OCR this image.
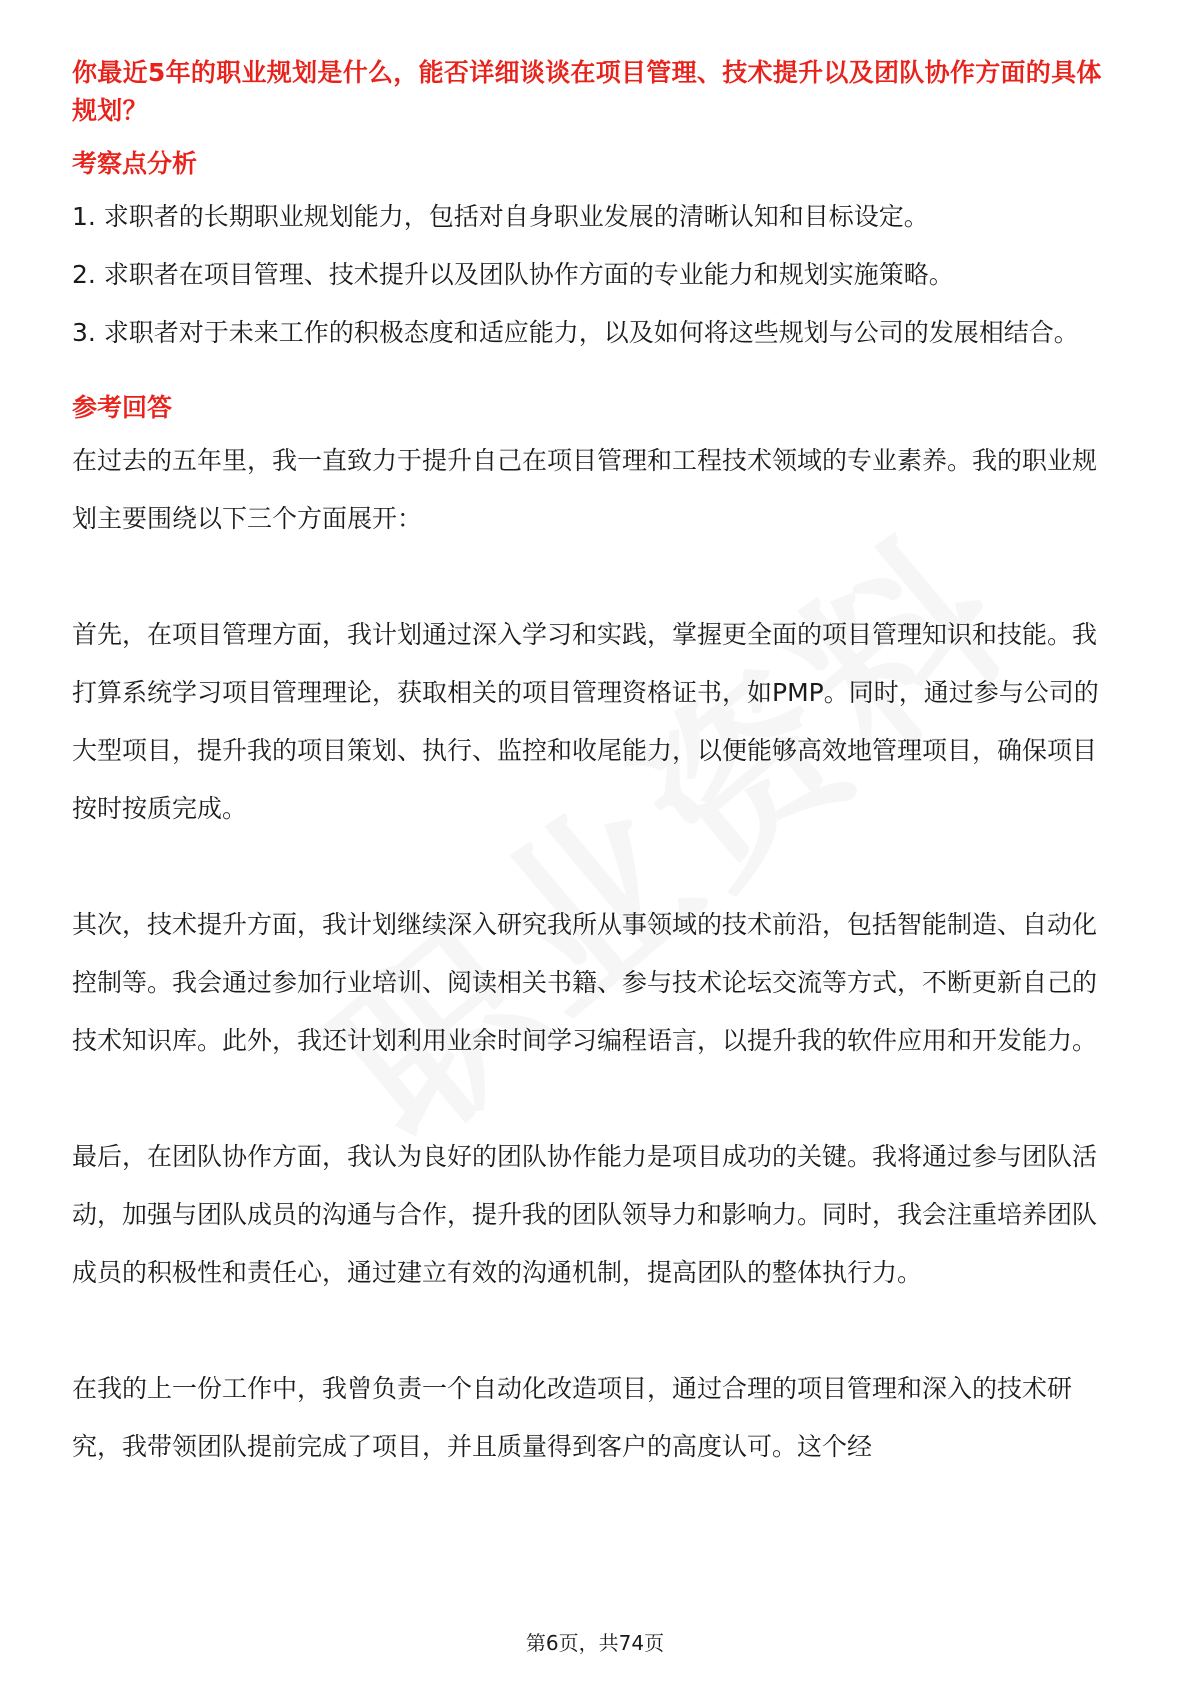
你最近5年的职业规划是什么，能否详细谈谈在项目管理、技术提升以及团队协作方面的具体规划？

考察点分析

1. 求职者的长期职业规划能力，包括对自身职业发展的清晰认知和目标设定。

2. 求职者在项目管理、技术提升以及团队协作方面的专业能力和规划实施策略。

3. 求职者对于未来工作的积极态度和适应能力，以及如何将这些规划与公司的发展相结合。

参考回答

在过去的五年里，我一直致力于提升自己在项目管理和工程技术领域的专业素养。我的职业规划主要围绕以下三个方面展开：

首先，在项目管理方面，我计划通过深入学习和实践，掌握更全面的项目管理知识和技能。我打算系统学习项目管理理论，获取相关的项目管理资格证书，如PMP。同时，通过参与公司的大型项目，提升我的项目策划、执行、监控和收尾能力，以便能够高效地管理项目，确保项目按时按质完成。

其次，技术提升方面，我计划继续深入研究我所从事领域的技术前沿，包括智能制造、自动化控制等。我会通过参加行业培训、阅读相关书籍、参与技术论坛交流等方式，不断更新自己的技术知识库。此外，我还计划利用业余时间学习编程语言，以提升我的软件应用和开发能力。

最后，在团队协作方面，我认为良好的团队协作能力是项目成功的关键。我将通过参与团队活动，加强与团队成员的沟通与合作，提升我的团队领导力和影响力。同时，我会注重培养团队成员的积极性和责任心，通过建立有效的沟通机制，提高团队的整体执行力。

在我的上一份工作中，我曾负责一个自动化改造项目，通过合理的项目管理和深入的技术研究，我带领团队提前完成了项目，并且质量得到客户的高度认可。这个经

第6页，共74页
